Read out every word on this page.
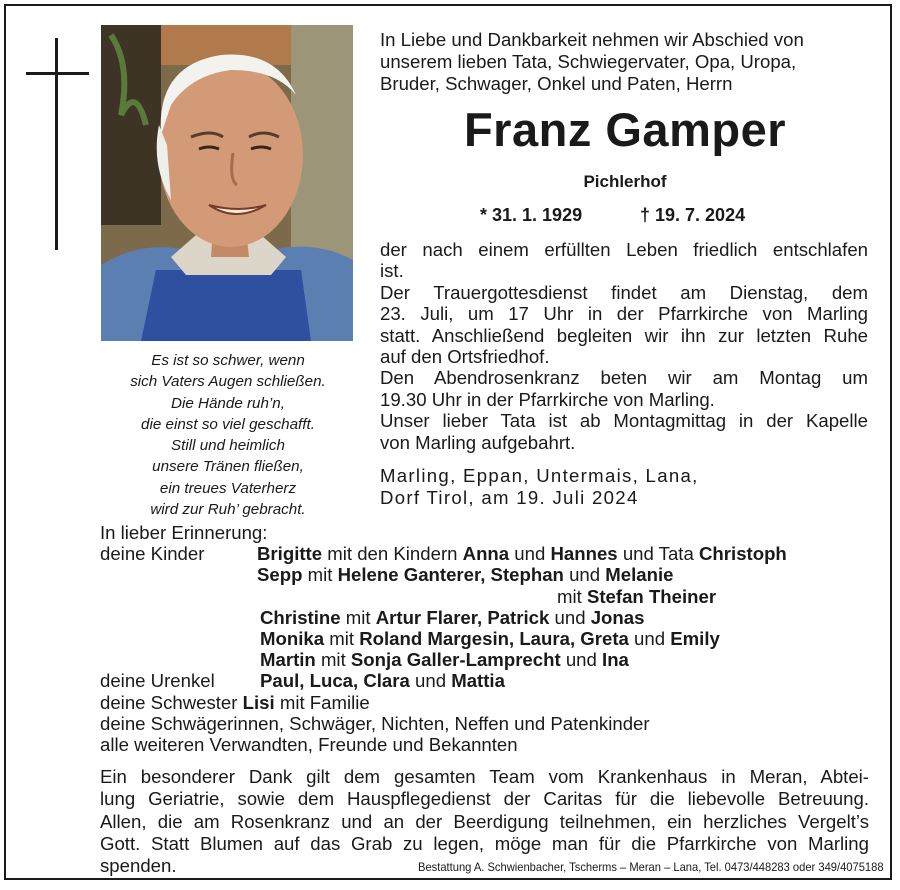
Es ist so schwer, wenn
sich Vaters Augen schließen.
Die Hände ruh’n,
die einst so viel geschafft.
Still und heimlich
unsere Tränen fließen,
ein treues Vaterherz
wird zur Ruh’ gebracht.
In Liebe und Dankbarkeit nehmen wir Abschied von
unserem lieben Tata, Schwiegervater, Opa, Uropa,
Bruder, Schwager, Onkel und Paten, Herrn
Franz Gamper
Pichlerhof
* 31. 1. 1929	† 19. 7. 2024
der nach einem erfüllten Leben friedlich entschlafen
ist.
Der Trauergottesdienst findet am Dienstag, dem
23. Juli, um 17 Uhr in der Pfarrkirche von Marling
statt. Anschließend begleiten wir ihn zur letzten Ruhe
auf den Ortsfriedhof.
Den Abendrosenkranz beten wir am Montag um
19.30 Uhr in der Pfarrkirche von Marling.
Unser lieber Tata ist ab Montagmittag in der Kapelle
von Marling aufgebahrt.
Marling, Eppan, Untermais, Lana,
Dorf Tirol, am 19. Juli 2024
In lieber Erinnerung:
deine Kinder	Brigitte mit den Kindern Anna und Hannes und Tata Christoph
Sepp mit Helene Ganterer, Stephan und Melanie
mit Stefan Theiner
Christine mit Artur Flarer, Patrick und Jonas
Monika mit Roland Margesin, Laura, Greta und Emily
Martin mit Sonja Galler-Lamprecht und Ina
deine Urenkel Paul, Luca, Clara und Mattia
deine Schwester Lisi mit Familie
deine Schwägerinnen, Schwäger, Nichten, Neffen und Patenkinder
alle weiteren Verwandten, Freunde und Bekannten
Ein besonderer Dank gilt dem gesamten Team vom Krankenhaus in Meran, Abtei-
lung Geriatrie, sowie dem Hauspflegedienst der Caritas für die liebevolle Betreuung.
Allen, die am Rosenkranz und an der Beerdigung teilnehmen, ein herzliches Vergelt’s
Gott. Statt Blumen auf das Grab zu legen, möge man für die Pfarrkirche von Marling
spenden.	Bestattung A. Schwienbacher, Tscherms – Meran – Lana, Tel. 0473/448283 oder 349/4075188
